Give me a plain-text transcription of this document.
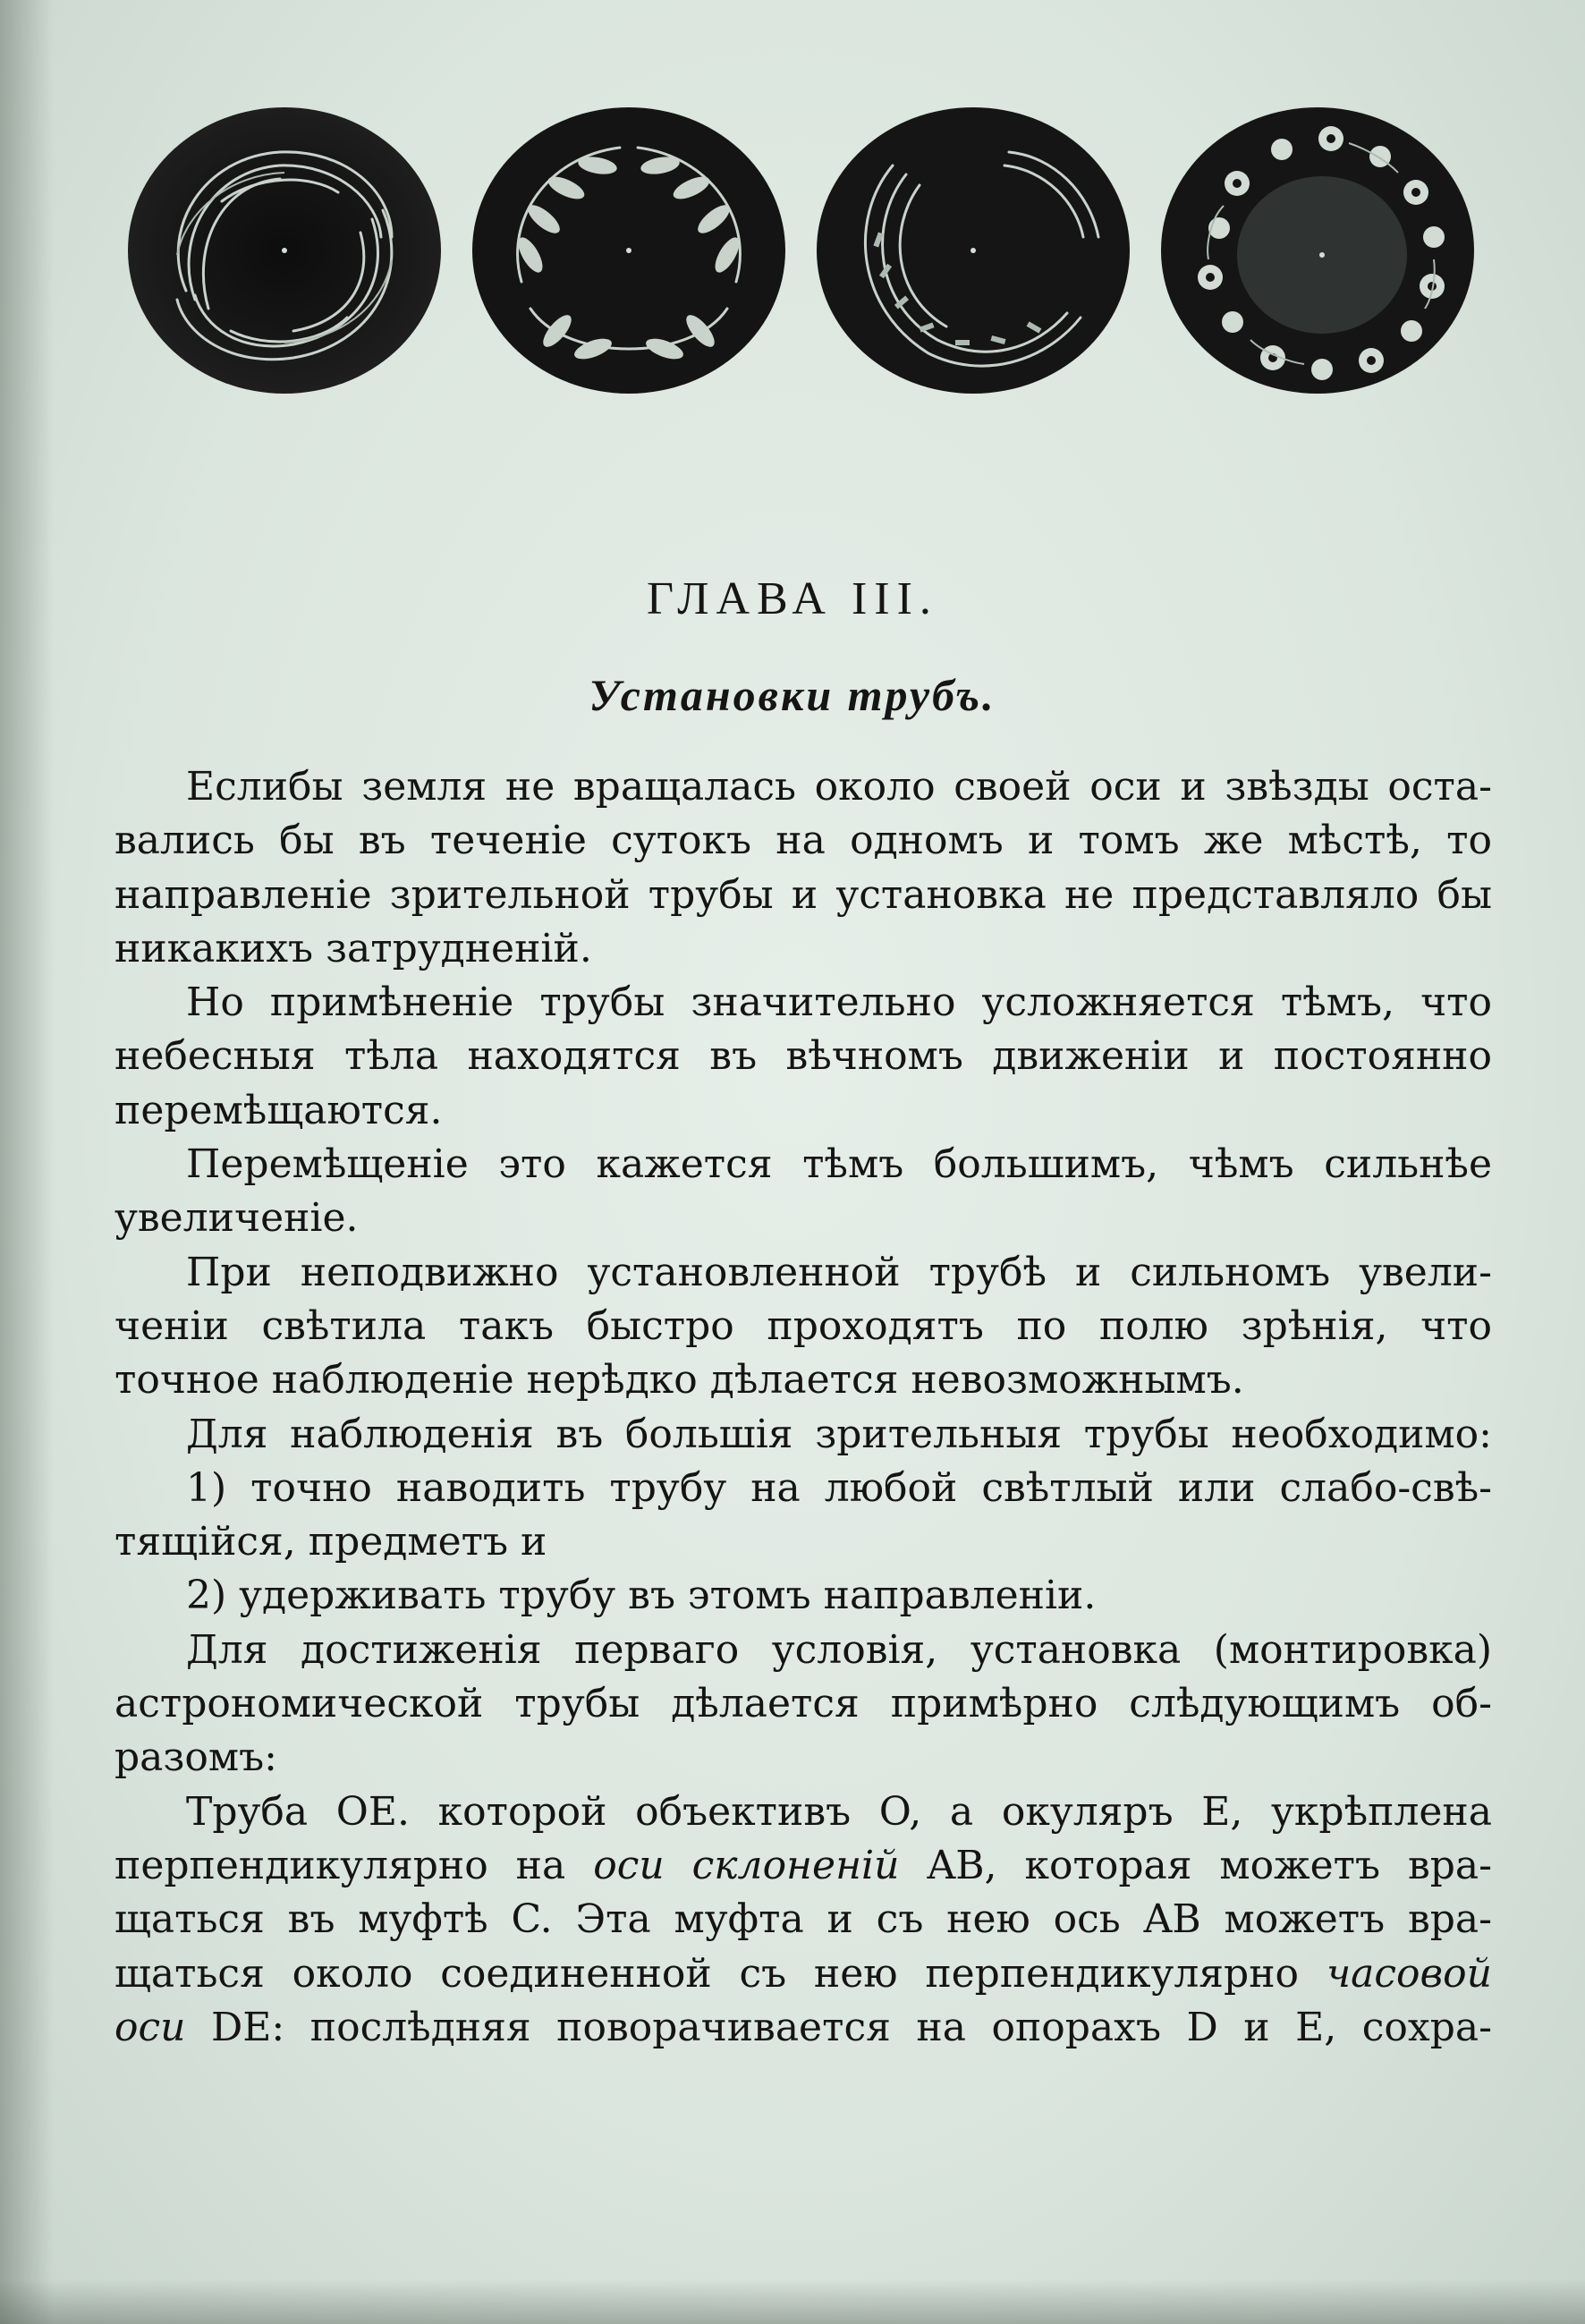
ГЛАВА III.
Установки трубъ.
Еслибы земля не вращалась около своей оси и звѣзды оста-
вались бы въ теченіе сутокъ на одномъ и томъ же мѣстѣ, то
направленіе зрительной трубы и установка не представляло бы
никакихъ затрудненій.
Но примѣненіе трубы значительно усложняется тѣмъ, что
небесныя тѣла находятся въ вѣчномъ движеніи и постоянно
перемѣщаются.
Перемѣщеніе это кажется тѣмъ большимъ, чѣмъ сильнѣе
увеличеніе.
При неподвижно установленной трубѣ и сильномъ увели-
ченіи свѣтила такъ быстро проходятъ по полю зрѣнія, что
точное наблюденіе нерѣдко дѣлается невозможнымъ.
Для наблюденія въ большія зрительныя трубы необходимо:
1) точно наводить трубу на любой свѣтлый или слабо-свѣ-
тящійся, предметъ и
2) удерживать трубу въ этомъ направленіи.
Для достиженія перваго условія, установка (монтировка)
астрономической трубы дѣлается примѣрно слѣдующимъ об-
разомъ:
Труба OE. которой объективъ O, а окуляръ E, укрѣплена
перпендикулярно на оси склоненій AB, которая можетъ вра-
щаться въ муфтѣ C. Эта муфта и съ нею ось AB можетъ вра-
щаться около соединенной съ нею перпендикулярно часовой
оси DE: послѣдняя поворачивается на опорахъ D и E, сохра-
